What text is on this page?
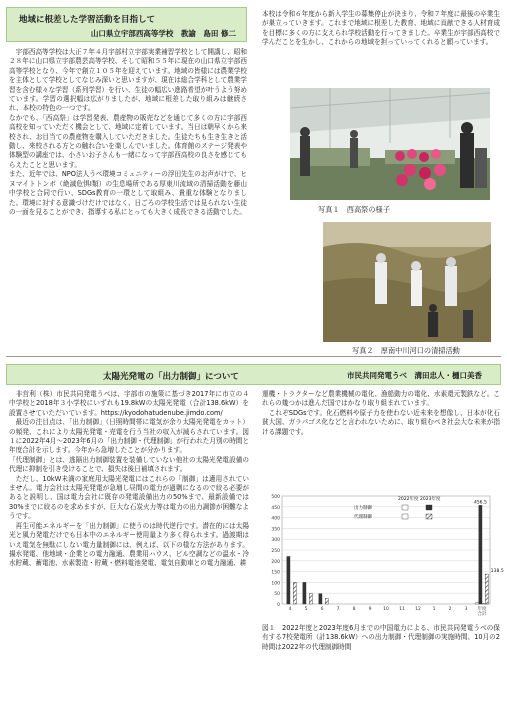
地域に根差した学習活動を目指して
山口県立宇部西高等学校　教諭　島田 修二

　宇部西高等学校は大正７年４月宇部村立宇部実業補習学校として開講し、昭和２８年に山口県立宇部農芸高等学校、そして昭和５５年に現在の山口県立宇部西高等学校となり、今年で創立１０５年を迎えています。地域の皆様には農業学校を主体として学校としてなじみ深いと思いますが、現在は総合学科として農業学習を含む様々な学習（系列学習）を行い、生徒の幅広い進路希望が叶うよう努めています。学習の選択幅は広がりましたが、地域に根差した取り組みは継続され、本校の特色の一つです。

なかでも、「西高祭」は学習発表、農産物の販売などを通じて多くの方に宇部西高校を知っていただく機会として、地域に定着しています。当日は朝早くから来校され、お目当ての農産物を購入していただきました。生徒たちも生き生きと活動し、来校される方との触れ合いを楽しんでいました。体育館のステージ発表や体験型の講座では、小さいお子さんも一緒になって宇部西高校の良さを感じてもらえたことと思います。

また、近年では、NPO法人うべ環境コミュニティーの浮田先生のお声がけで、ヒヌマイトトンボ（絶滅危惧Ⅰ類）の生息場所である厚東川流域の清掃活動を藤山中学校と合同で行い、SDGs教育の一環として取組み、貴重な体験となりました。環境に対する意識づけだけではなく、日ごろの学校生活では見られない生徒の一面を見ることができ、指導する私にとっても大きく成長できる活動でした。

本校は令和６年度から新入学生の募集停止が決まり、令和７年度に最後の卒業生が巣立っていきます。これまで地域に根差した教育、地域に貢献できる人材育成を目標に多くの方に支えられ学校活動を行ってきました。卒業生が宇部西高校で学んだことを生かし、これからの地域を担っていってくれると願っています。

写真１　西高祭の様子
写真２　厚南中川河口の清掃活動
太陽光発電の「出力制御」について	市民共同発電うべ　溝田忠人・樋口美香

　非営利（株）市民共同発電うべは、宇部市の施策に基づき2017年に市立の４中学校と2018年３小学校にいずれも19.8kWの太陽光発電（合計138.6kW）を設置させていただいています。https://kyodohatudenube.jimdo.com/

　最近の注目点は、「出力制御」（日照時間帯に電気が余り太陽光発電をカット）の頻発、これにより太陽光発電・売電を行う当社の収入が減らされています。図１に2022年4月～2023年6月の「出力制御・代理制御」が行われた月別の時間と年度合計を示します。今年から急増したことが分かります。

「代理制御」とは、逃隔出力制御装置を装備していない他社の太陽光発電設備の代理に抑制を引き受けることで、損失は後日補填されます。

　ただし、10kW未満の家庭用太陽光発電にはこれらの「制御」は適用されていません。電力会社は太陽光発電が急増し昼間の電力が過剰になるので絞る必要があると説明し、国は電力会社に既存の発電設備出力の50%まで、最新設備では30%までに絞るのを求めますが、巨大な石炭火力等は電力の出力調節が困難なようです。

　再生可能エネルギーを「出力制御」に使うのは時代逆行です。潜在的には太陽光と風力発電だけでも日本中のエネルギー使用量より多く得られます。過渡期はいえ電気を無駄にしない電力量制御には、例えば、以下の様な方法があります。揚水発電、他地域・企業との電力融通、農業用ハウス、ビル空調などの温水・冷水貯蔵、蓄電池、水素製造・貯蔵・燃料電池発電、電気自動車との電力融通、耕

運機・トラクターなど農業機械の電化、漁船動力の電化、水素還元製鉄など。これらの幾つかは進んだ国ではかなり取り組まれています。

　これぞSDGsです。化石燃料や原子力を使わない近未来を想像し、日本が化石貧大国、ガラパゴス化などと言われないために、取り組むべき社会大な未来が指ける課題です。

0
50
100
150
200
250
300
350
400
450
500
4	5	6	7	8	9	10 11 12	1	2	3 年度
合計
456.5
138.5
2022年度 2023年度
出力制御
代理制御

図１　2022年度と2023年度6月までの中国電力による、市民共同発電うべの保有する7校発電所（計138.6kW）への出力制御・代理制御の実施時間、10月の2時間は2022年の代理制御時間
